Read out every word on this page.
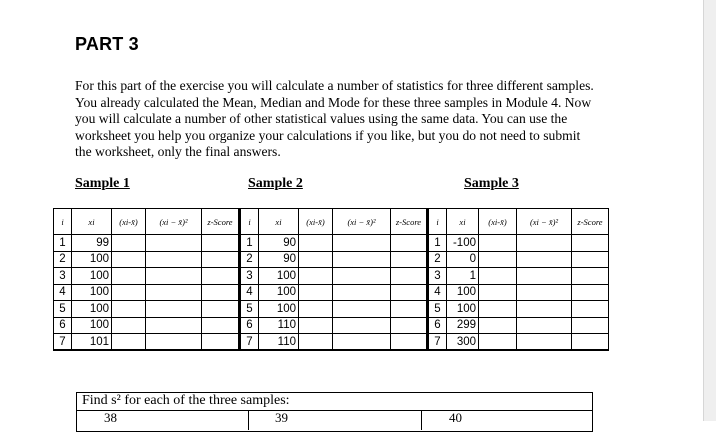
PART 3
For this part of the exercise you will calculate a number of statistics for three different samples. You already calculated the Mean, Median and Mode for these three samples in Module 4. Now you will calculate a number of other statistical values using the same data. You can use the worksheet you help you organize your calculations if you like, but you do not need to submit the worksheet, only the final answers.
Sample 1	Sample 2	Sample 3
i	xi	(xi-x̄)	(xi − x̄)²	z-Score	i	xi	(xi-x̄)	(xi − x̄)²	z-Score	i	xi	(xi-x̄)	(xi − x̄)²	z-Score
1	99				1	90				1	-100			
2	100				2	90				2	0			
3	100				3	100				3	1			
4	100				4	100				4	100			
5	100				5	100				5	100			
6	100				6	110				6	299			
7	101				7	110				7	300			
Find s² for each of the three samples:
38	39	40
